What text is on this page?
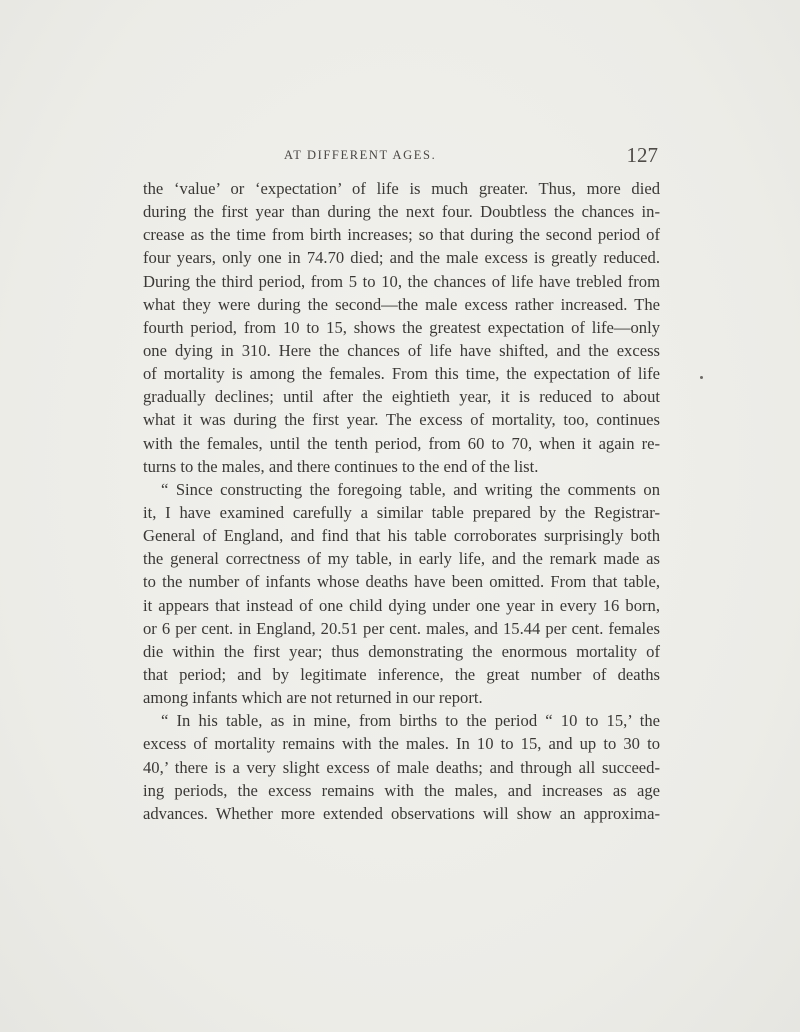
AT DIFFERENT AGES.	127
the ‘value’ or ‘expectation’ of life is much greater. Thus, more died
during the first year than during the next four. Doubtless the chances in-
crease as the time from birth increases; so that during the second period of
four years, only one in 74.70 died; and the male excess is greatly reduced.
During the third period, from 5 to 10, the chances of life have trebled from
what they were during the second—the male excess rather increased. The
fourth period, from 10 to 15, shows the greatest expectation of life—only
one dying in 310. Here the chances of life have shifted, and the excess
of mortality is among the females. From this time, the expectation of life
gradually declines; until after the eightieth year, it is reduced to about
what it was during the first year. The excess of mortality, too, continues
with the females, until the tenth period, from 60 to 70, when it again re-
turns to the males, and there continues to the end of the list.
“ Since constructing the foregoing table, and writing the comments on
it, I have examined carefully a similar table prepared by the Registrar-
General of England, and find that his table corroborates surprisingly both
the general correctness of my table, in early life, and the remark made as
to the number of infants whose deaths have been omitted. From that table,
it appears that instead of one child dying under one year in every 16 born,
or 6 per cent. in England, 20.51 per cent. males, and 15.44 per cent. females
die within the first year; thus demonstrating the enormous mortality of
that period; and by legitimate inference, the great number of deaths
among infants which are not returned in our report.
“ In his table, as in mine, from births to the period “ 10 to 15,’ the
excess of mortality remains with the males. In 10 to 15, and up to 30 to
40,’ there is a very slight excess of male deaths; and through all succeed-
ing periods, the excess remains with the males, and increases as age
advances. Whether more extended observations will show an approxima-
